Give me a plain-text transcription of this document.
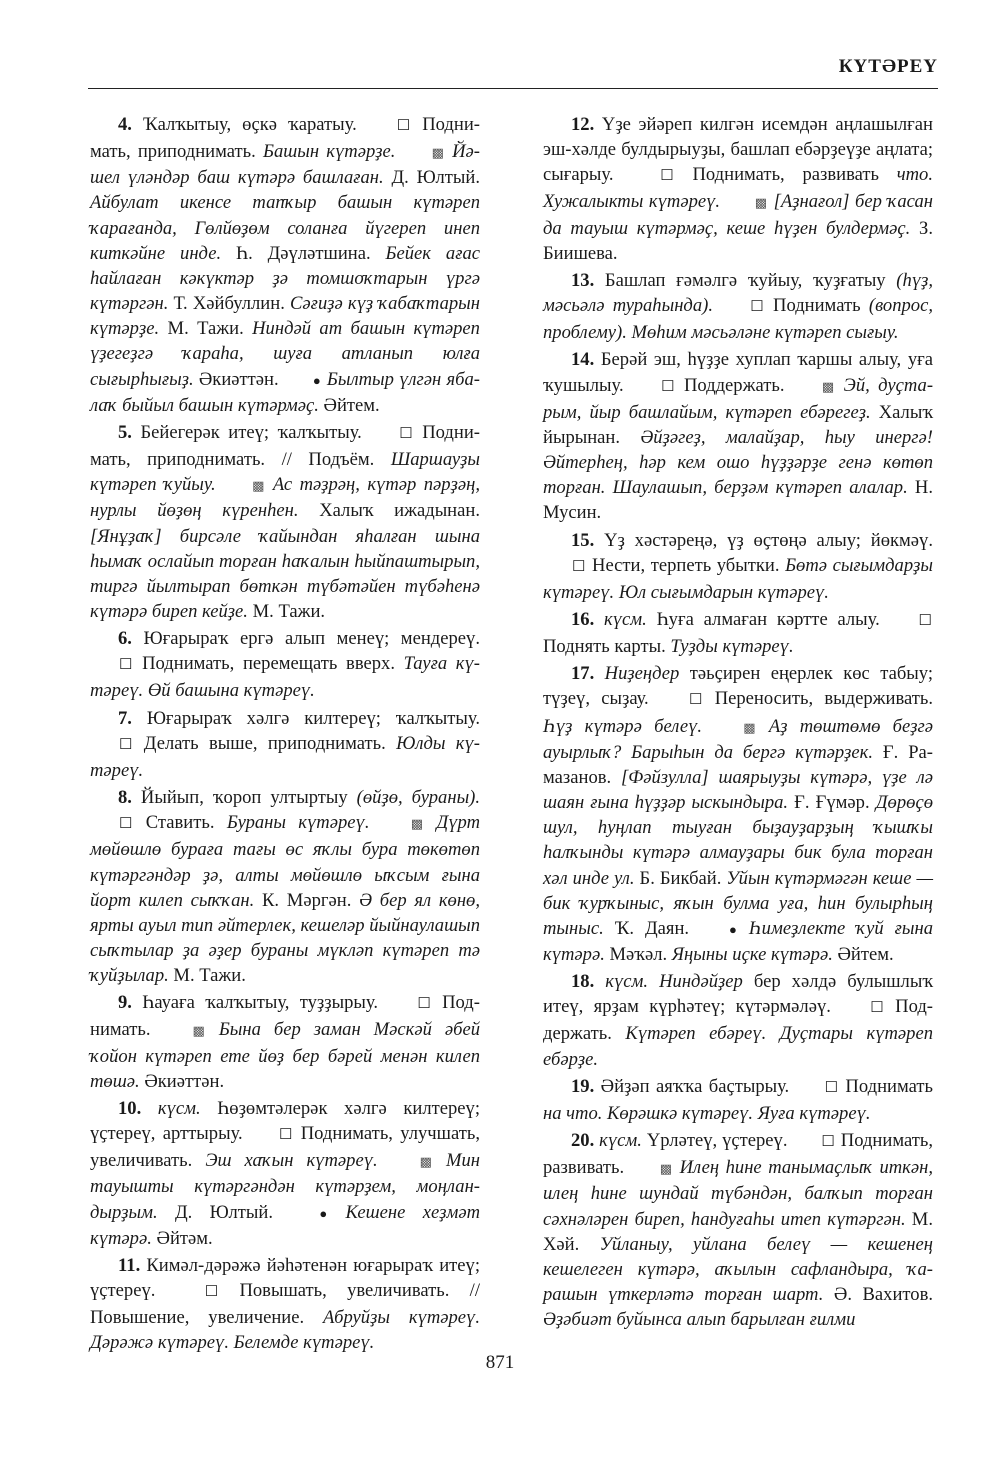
КҮТӘРЕҮ

4. Ҡалҡытыу, өҫкә ҡаратыу. ☐ Поднимать, приподнимать. Башын күтәрҙе.	▩ Йәшел үләндәр баш күтәрә башлаған. Д. Юлтый. Айбулат икенсе тапҡыр башын күтәреп ҡарағанда, Гөлйөҙөм соланға йүгереп инеп киткәйне инде. Һ. Дәүләтшина. Бейек ағас һайлаған кәкүктәр ҙә томшоҡтарын үргә күтәргән. Т. Хәйбуллин. Сәғиҙә күҙ ҡабаҡтарын күтәрҙе. М. Тажи. Ниндәй ат башын күтәреп үҙегеҙгә ҡараһа, шуға атланып юлға сығырһығыҙ. Әкиәттән. ● Былтыр үлгән ябалаҡ быйыл башын күтәрмәҫ. Әйтем.

5. Бейегерәк итеү; ҡалҡытыу. ☐ Поднимать, приподнимать. // Подъём. Шаршауҙы күтәреп ҡуйыу.	▩ Ас тәҙрәң, күтәр пәрҙәң, нурлы йөҙөң күренһен. Халыҡ ижадынан. [Янұҙаҡ] бирсәле ҡайындан яһалған шына һымаҡ ослайып торған һаҡалын һыйпаштырып, тиргә йылтырап бөткән түбәтәйен түбәһенә күтәрә биреп кейҙе. М. Тажи.

6. Юғарыраҡ ергә алып менеү; мендереү. ☐ Поднимать, перемещать вверх. Тауға күтәреү. Өй башына күтәреү.

7. Юғарыраҡ хәлгә килтереү; ҡалҡытыу. ☐ Делать выше, приподнимать. Юлды күтәреү.

8. Йыйып, ҡороп ултыртыу (өйҙө, бураны). ☐ Ставить. Бураны күтәреү.	▩ Дүрт мөйөшлө бураға тағы өс яҡлы бура төкөтөп күтәргәндәр ҙә, алты мөйөшлө ыҡсым ғына йорт килеп сыҡҡан. К. Мәргән. Ә бер ял көнө, ярты ауыл тип әйтерлек, кешеләр йыйнаулашып сыҡтылар ҙа әҙер бураны мүкләп күтәреп тә ҡуйҙылар. М. Тажи.

9. Һауаға ҡалҡытыу, туҙҙырыу. ☐ Поднимать. ▩ Бына бер заман Мәскәй әбей ҡойон күтәреп ете йөҙ бер бәрей менән килеп төшә. Әкиәттән.

10. күсм. Һөҙөмтәлерәк хәлгә килтереү; үҫтереү, арттырыу. ☐ Поднимать, улучшать, увеличивать. Эш хаҡын күтәреү.	▩ Мин тауышты күтәргәндән күтәрҙем, моңландырҙым. Д. Юлтый. ● Кешене хеҙмәт күтәрә. Әйтәм.

11. Кимәл-дәрәжә йәһәтенән юғарыраҡ итеү; үҫтереү. ☐ Повышать, увеличивать. // Повышение, увеличение. Абруйҙы күтәреү. Дәрәжә күтәреү. Белемде күтәреү.

12. Үҙе эйәреп килгән исемдән аңлашылған эш-хәлде булдырыуҙы, башлап ебәрҙеүҙе аңлата; сығарыу. ☐ Поднимать, развивать что. Хужалыкты күтәреү.	▩ [Аҙнағол] бер ҡасан да тауыш күтәрмәҫ, кеше һүҙен булдермәҫ. З. Биишева.

13. Башлап ғәмәлгә ҡуйыу, ҡуҙғатыу (һүҙ, мәсьәлә тураһында). ☐ Поднимать (вопрос, проблему). Мөһим мәсьәләне күтәреп сығыу.

14. Берәй эш, һүҙҙе хуплап ҡаршы алыу, уға ҡушылыу. ☐ Поддержать. ▩ Эй, дуҫтарым, йыр башлайым, күтәреп ебәрегеҙ. Халыҡ йырынан. Әйҙәгеҙ, малайҙар, һыу инергә! Әйтерһең, һәр кем ошо һүҙҙәрҙе генә көтөп торған. Шаулашып, берҙәм күтәреп алалар. Н. Мусин.

15. Үҙ хәстәреңә, үҙ өҫтөңә алыу; йөкмәү. ☐ Нести, терпеть убытки. Бөтә сығымдарҙы күтәреү. Юл сығымдарын күтәреү.

16. күсм. Һуға алмаған кәртте алыу. ☐ Поднять карты. Туҙды күтәреү.

17. Ниҙеңдер тәьҫирен еңерлек көс табыу; түҙеү, сыҙау. ☐ Переносить, выдерживать. Һүҙ күтәрә белеү.	▩ Аҙ төштөмө беҙгә ауырлыҡ? Барыһын да бергә күтәрҙек. Ғ. Рамазанов. [Фәйзулла] шаярыуҙы күтәрә, үҙе лә шаян ғына һүҙҙәр ыскындыра. Ғ. Ғүмәр. Дөрөҫө шул, һуңлап тыуған быҙауҙарҙың ҡышҡы һалҡынды күтәрә алмауҙары бик була торған хәл инде ул. Б. Бикбай. Уйын күтәрмәгән кеше — бик ҡурҡыныс, яҡын булма уға, һин булырһың тыныс. Ҡ. Даян. ● Һимеҙлекте ҡуй ғына күтәрә. Мәҡәл. Яңыны иҫке күтәрә. Әйтем.

18. күсм. Ниндәйҙер бер хәлдә булышлыҡ итеү, ярҙам күрһәтеү; күтәрмәләү. ☐ Поддержать. Күтәреп ебәреү. Дуҫтары күтәреп ебәрҙе.

19. Әйҙәп аяҡҡа баҫтырыу. ☐ Поднимать на что. Көрәшкә күтәреү. Яуға күтәреү.

20. күсм. Үрләтеү, үҫтереү. ☐ Поднимать, развивать. ▩ Илең һине танымаҫлыҡ иткән, илең һине шундай түбәндән, балҡып торған сәхнәләрен биреп, һандуғаһы итеп күтәргән. М. Хәй. Уйланыу, уйлана белеү — кешенең кешелеген күтәрә, аҡылын сафландыра, ҡарашын үткерләтә торған шарт. Ә. Вахитов. Әҙәбиәт буйынса алып барылған ғилми

871
